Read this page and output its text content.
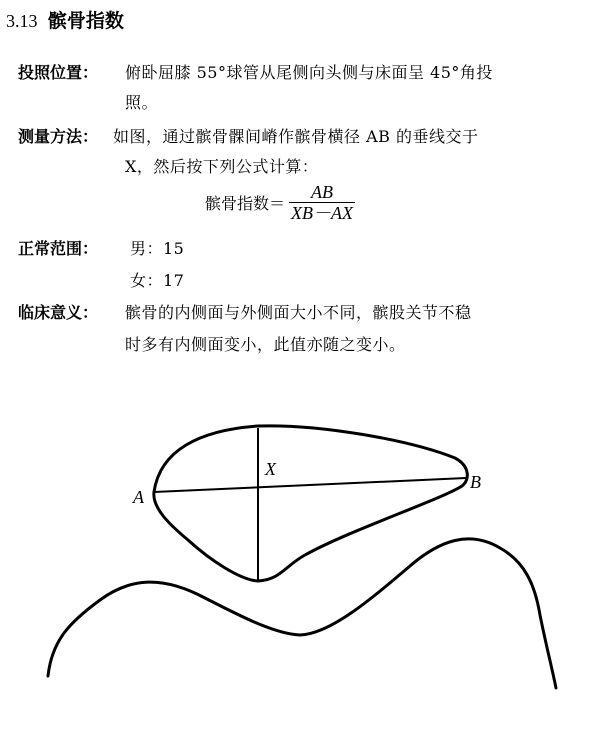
3.13 髌骨指数
投照位置： 俯卧屈膝 55°球管从尾侧向头侧与床面呈 45°角投
照。
测量方法： 如图，通过髌骨髁间嵴作髌骨横径 AB 的垂线交于
X，然后按下列公式计算：
髌骨指数＝ $\frac{AB}{XB-AX}$
正常范围： 男：15
女：17
临床意义： 髌骨的内侧面与外侧面大小不同，髌股关节不稳
时多有内侧面变小，此值亦随之变小。
A
B
X
